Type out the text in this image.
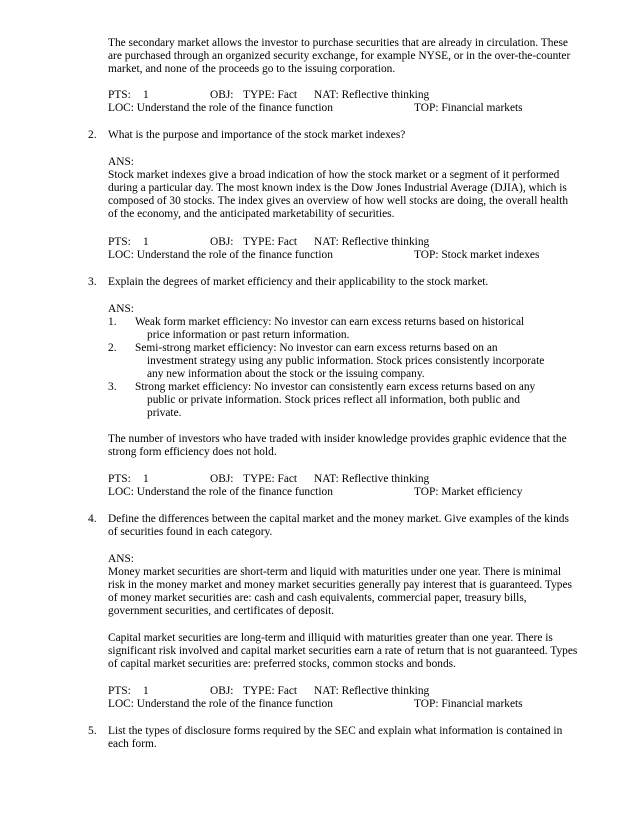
The secondary market allows the investor to purchase securities that are already in circulation. These
are purchased through an organized security exchange, for example NYSE, or in the over-the-counter
market, and none of the proceeds go to the issuing corporation.
PTS: 1	OBJ: TYPE: Fact NAT: Reflective thinking
LOC: Understand the role of the finance function	TOP: Financial markets
2. What is the purpose and importance of the stock market indexes?
ANS:
Stock market indexes give a broad indication of how the stock market or a segment of it performed
during a particular day. The most known index is the Dow Jones Industrial Average (DJIA), which is
composed of 30 stocks. The index gives an overview of how well stocks are doing, the overall health
of the economy, and the anticipated marketability of securities.
PTS: 1	OBJ: TYPE: Fact NAT: Reflective thinking
LOC: Understand the role of the finance function	TOP: Stock market indexes
3. Explain the degrees of market efficiency and their applicability to the stock market.
ANS:
1. Weak form market efficiency: No investor can earn excess returns based on historical
price information or past return information.
2. Semi-strong market efficiency: No investor can earn excess returns based on an
investment strategy using any public information. Stock prices consistently incorporate
any new information about the stock or the issuing company.
3. Strong market efficiency: No investor can consistently earn excess returns based on any
public or private information. Stock prices reflect all information, both public and
private.
The number of investors who have traded with insider knowledge provides graphic evidence that the
strong form efficiency does not hold.
PTS: 1	OBJ: TYPE: Fact NAT: Reflective thinking
LOC: Understand the role of the finance function	TOP: Market efficiency
4. Define the differences between the capital market and the money market. Give examples of the kinds
of securities found in each category.
ANS:
Money market securities are short-term and liquid with maturities under one year. There is minimal
risk in the money market and money market securities generally pay interest that is guaranteed. Types
of money market securities are: cash and cash equivalents, commercial paper, treasury bills,
government securities, and certificates of deposit.
Capital market securities are long-term and illiquid with maturities greater than one year. There is
significant risk involved and capital market securities earn a rate of return that is not guaranteed. Types
of capital market securities are: preferred stocks, common stocks and bonds.
PTS: 1	OBJ: TYPE: Fact NAT: Reflective thinking
LOC: Understand the role of the finance function	TOP: Financial markets
5. List the types of disclosure forms required by the SEC and explain what information is contained in
each form.
